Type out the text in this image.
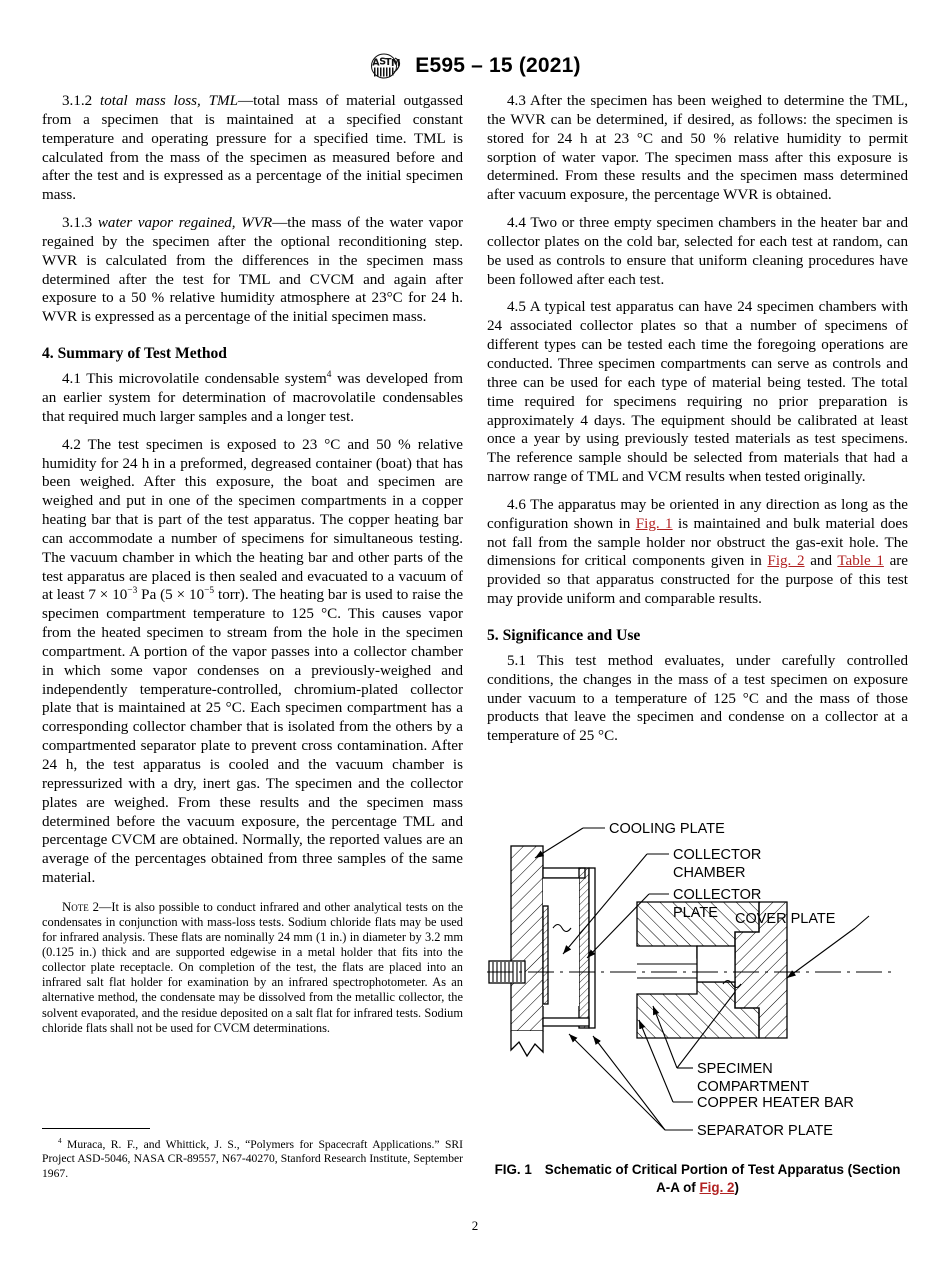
A S
T M E595 – 15 (2021)

3.1.2 total mass loss, TML—total mass of material outgassed from a specimen that is maintained at a specified constant temperature and operating pressure for a specified time. TML is calculated from the mass of the specimen as measured before and after the test and is expressed as a percentage of the initial specimen mass.

3.1.3 water vapor regained, WVR—the mass of the water vapor regained by the specimen after the optional reconditioning step. WVR is calculated from the differences in the specimen mass determined after the test for TML and CVCM and again after exposure to a 50 % relative humidity atmosphere at 23°C for 24 h. WVR is expressed as a percentage of the initial specimen mass.

4. Summary of Test Method

4.1 This microvolatile condensable system$^4$ was developed from an earlier system for determination of macrovolatile condensables that required much larger samples and a longer test.

4.2 The test specimen is exposed to 23 °C and 50 % relative humidity for 24 h in a preformed, degreased container (boat) that has been weighed. After this exposure, the boat and specimen are weighed and put in one of the specimen compartments in a copper heating bar that is part of the test apparatus. The copper heating bar can accommodate a number of specimens for simultaneous testing. The vacuum chamber in which the heating bar and other parts of the test apparatus are placed is then sealed and evacuated to a vacuum of at least $7 \times 10^{-3}$ Pa ($5 \times 10^{-5}$ torr). The heating bar is used to raise the specimen compartment temperature to 125 °C. This causes vapor from the heated specimen to stream from the hole in the specimen compartment. A portion of the vapor passes into a collector chamber in which some vapor condenses on a previously-weighed and independently temperature-controlled, chromium-plated collector plate that is maintained at 25 °C. Each specimen compartment has a corresponding collector chamber that is isolated from the others by a compartmented separator plate to prevent cross contamination. After 24 h, the test apparatus is cooled and the vacuum chamber is repressurized with a dry, inert gas. The specimen and the collector plates are weighed. From these results and the specimen mass determined before the vacuum exposure, the percentage TML and percentage CVCM are obtained. Normally, the reported values are an average of the percentages obtained from three samples of the same material.

Note 2—It is also possible to conduct infrared and other analytical tests on the condensates in conjunction with mass-loss tests. Sodium chloride flats may be used for infrared analysis. These flats are nominally 24 mm (1 in.) in diameter by 3.2 mm (0.125 in.) thick and are supported edgewise in a metal holder that fits into the collector plate receptacle. On completion of the test, the flats are placed into an infrared salt flat holder for examination by an infrared spectrophotometer. As an alternative method, the condensate may be dissolved from the metallic collector, the solvent evaporated, and the residue deposited on a salt flat for infrared tests. Sodium chloride flats shall not be used for CVCM determinations.

$^4$ Muraca, R. F., and Whittick, J. S., “Polymers for Spacecraft Applications.” SRI Project ASD-5046, NASA CR-89557, N67-40270, Stanford Research Institute, September 1967.

4.3 After the specimen has been weighed to determine the TML, the WVR can be determined, if desired, as follows: the specimen is stored for 24 h at 23 °C and 50 % relative humidity to permit sorption of water vapor. The specimen mass after this exposure is determined. From these results and the specimen mass determined after vacuum exposure, the percentage WVR is obtained.

4.4 Two or three empty specimen chambers in the heater bar and collector plates on the cold bar, selected for each test at random, can be used as controls to ensure that uniform cleaning procedures have been followed after each test.

4.5 A typical test apparatus can have 24 specimen chambers with 24 associated collector plates so that a number of specimens of different types can be tested each time the foregoing operations are conducted. Three specimen compartments can serve as controls and three can be used for each type of material being tested. The total time required for specimens requiring no prior preparation is approximately 4 days. The equipment should be calibrated at least once a year by using previously tested materials as test specimens. The reference sample should be selected from materials that had a narrow range of TML and VCM results when tested originally.

4.6 The apparatus may be oriented in any direction as long as the configuration shown in Fig. 1 is maintained and bulk material does not fall from the sample holder nor obstruct the gas-exit hole. The dimensions for critical components given in Fig. 2 and Table 1 are provided so that apparatus constructed for the purpose of this test may provide uniform and comparable results.

5. Significance and Use

5.1 This test method evaluates, under carefully controlled conditions, the changes in the mass of a test specimen on exposure under vacuum to a temperature of 125 °C and the mass of those products that leave the specimen and condense on a collector at a temperature of 25 °C.

COOLING PLATE
COLLECTOR
CHAMBER
COLLECTOR
PLATE COVER PLATE
SPECIMEN
COMPARTMENT
COPPER HEATER BAR
SEPARATOR PLATE
FIG. 1 Schematic of Critical Portion of Test Apparatus (Section A-A of Fig. 2)
2
